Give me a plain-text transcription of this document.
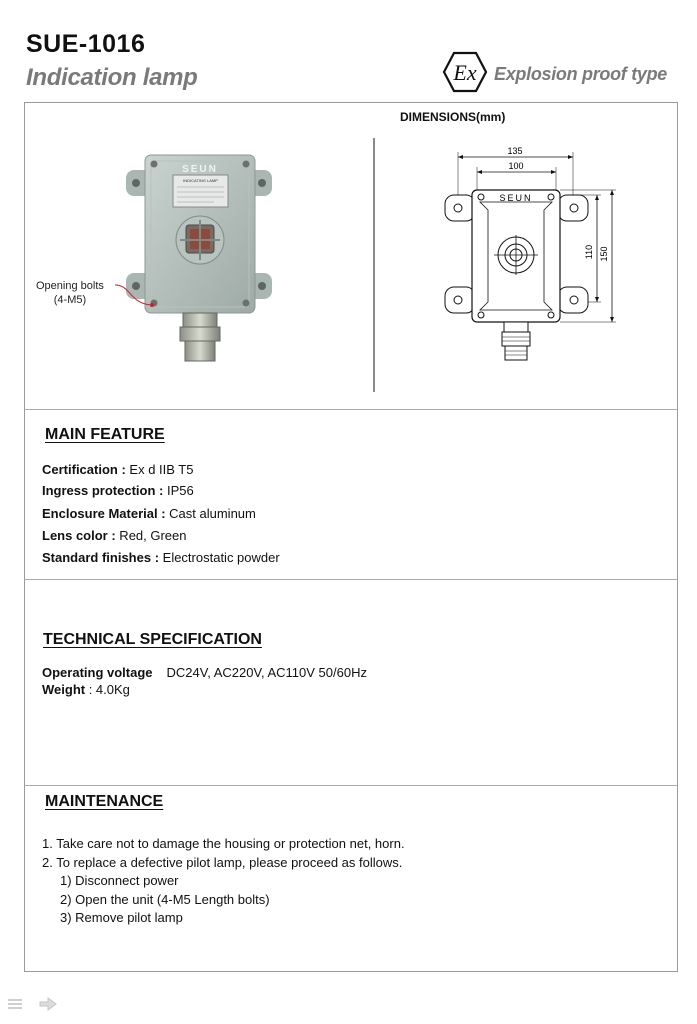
SUE-1016
Indication lamp	Ex Explosion proof type
SEUN
INDICATING LAMP
Opening bolts
(4-M5)
DIMENSIONS(mm)
135
100
110 150
SEUN
MAIN FEATURE
Certification : Ex d IIB T5
Ingress protection : IP56
Enclosure Material : Cast aluminum
Lens color : Red, Green
Standard finishes : Electrostatic powder
TECHNICAL SPECIFICATION
Operating voltage DC24V, AC220V, AC110V 50/60Hz
Weight : 4.0Kg
MAINTENANCE
1. Take care not to damage the housing or protection net, horn.
2. To replace a defective pilot lamp, please proceed as follows.
1) Disconnect power
2) Open the unit (4-M5 Length bolts)
3) Remove pilot lamp
